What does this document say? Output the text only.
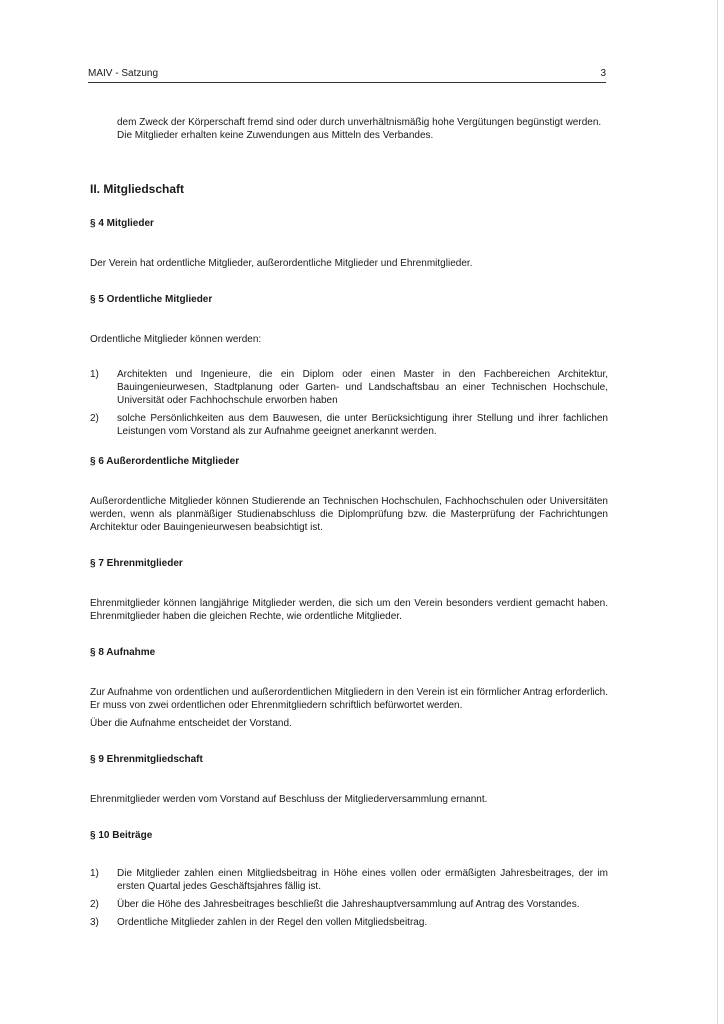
MAIV - Satzung	3

dem Zweck der Körperschaft fremd sind oder durch unverhältnismäßig hohe Vergütungen begünstigt werden.

Die Mitglieder erhalten keine Zuwendungen aus Mitteln des Verbandes.

II. Mitgliedschaft
§ 4 Mitglieder

Der Verein hat ordentliche Mitglieder, außerordentliche Mitglieder und Ehrenmitglieder.

§ 5 Ordentliche Mitglieder

Ordentliche Mitglieder können werden:

1)	Architekten und Ingenieure, die ein Diplom oder einen Master in den Fachbereichen Architektur, Bauingenieurwesen, Stadtplanung oder Garten- und Landschaftsbau an einer Technischen Hochschule, Universität oder Fachhochschule erworben haben
2)	solche Persönlichkeiten aus dem Bauwesen, die unter Berücksichtigung ihrer Stellung und ihrer fachlichen Leistungen vom Vorstand als zur Aufnahme geeignet anerkannt werden.
§ 6 Außerordentliche Mitglieder

Außerordentliche Mitglieder können Studierende an Technischen Hochschulen, Fachhochschulen oder Universitäten werden, wenn als planmäßiger Studienabschluss die Diplomprüfung bzw. die Masterprüfung der Fachrichtungen Architektur oder Bauingenieurwesen beabsichtigt ist.

§ 7 Ehrenmitglieder

Ehrenmitglieder können langjährige Mitglieder werden, die sich um den Verein besonders verdient gemacht haben. Ehrenmitglieder haben die gleichen Rechte, wie ordentliche Mitglieder.

§ 8 Aufnahme

Zur Aufnahme von ordentlichen und außerordentlichen Mitgliedern in den Verein ist ein förmlicher Antrag erforderlich. Er muss von zwei ordentlichen oder Ehrenmitgliedern schriftlich befürwortet werden.

Über die Aufnahme entscheidet der Vorstand.

§ 9 Ehrenmitgliedschaft

Ehrenmitglieder werden vom Vorstand auf Beschluss der Mitgliederversammlung ernannt.

§ 10 Beiträge
1)	Die Mitglieder zahlen einen Mitgliedsbeitrag in Höhe eines vollen oder ermäßigten Jahresbeitrages, der im ersten Quartal jedes Geschäftsjahres fällig ist.
2)	Über die Höhe des Jahresbeitrages beschließt die Jahreshauptversammlung auf Antrag des Vorstandes.
3)	Ordentliche Mitglieder zahlen in der Regel den vollen Mitgliedsbeitrag.
